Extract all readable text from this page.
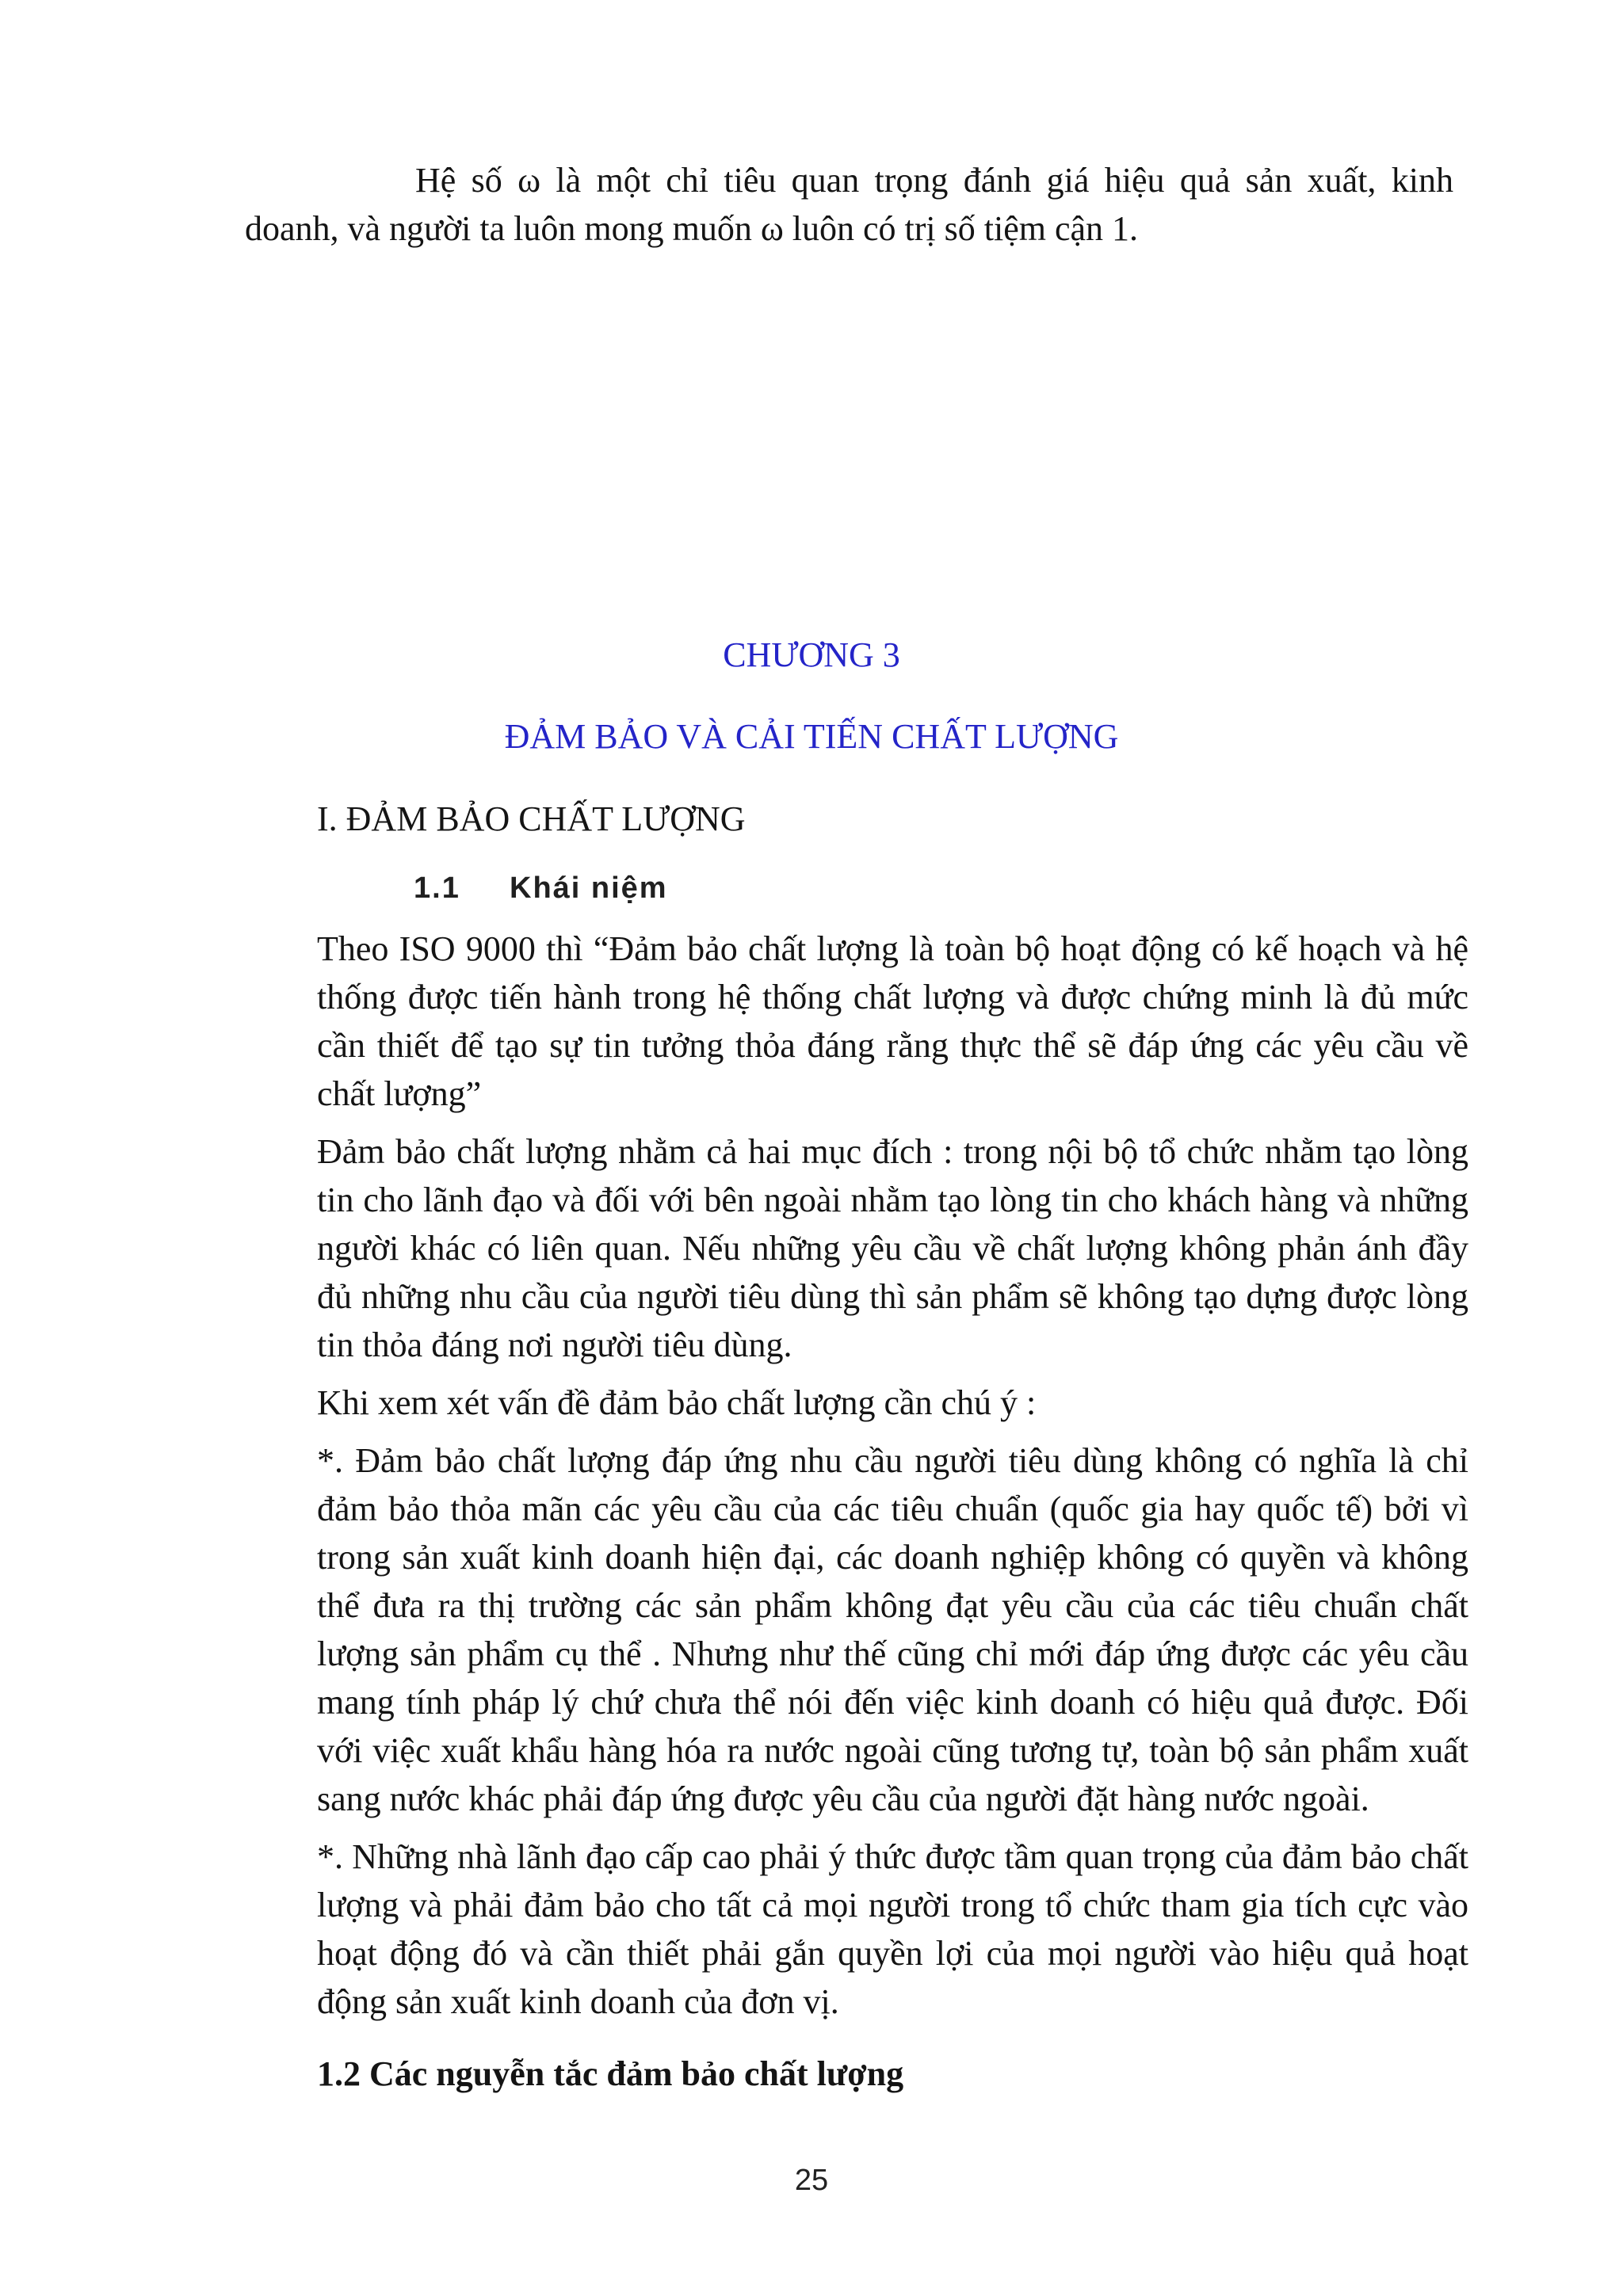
Hệ số ω là một chỉ tiêu quan trọng đánh giá hiệu quả sản xuất, kinh doanh, và người ta luôn mong muốn ω luôn có trị số tiệm cận 1.

CHƯƠNG 3
ĐẢM BẢO VÀ CẢI TIẾN CHẤT LƯỢNG
I. ĐẢM BẢO CHẤT LƯỢNG
1.1 Khái niệm

Theo ISO 9000 thì “Đảm bảo chất lượng là toàn bộ hoạt động có kế hoạch và hệ thống được tiến hành trong hệ thống chất lượng và được chứng minh là đủ mức cần thiết để tạo sự tin tưởng thỏa đáng rằng thực thể sẽ đáp ứng các yêu cầu về chất lượng”

Đảm bảo chất lượng nhằm cả hai mục đích : trong nội bộ tổ chức nhằm tạo lòng tin cho lãnh đạo và đối với bên ngoài nhằm tạo lòng tin cho khách hàng và những người khác có liên quan. Nếu những yêu cầu về chất lượng không phản ánh đầy đủ những nhu cầu của người tiêu dùng thì sản phẩm sẽ không tạo dựng được lòng tin thỏa đáng nơi người tiêu dùng.

Khi xem xét vấn đề đảm bảo chất lượng cần chú ý :

*. Đảm bảo chất lượng đáp ứng nhu cầu người tiêu dùng không có nghĩa là chỉ đảm bảo thỏa mãn các yêu cầu của các tiêu chuẩn (quốc gia hay quốc tế) bởi vì trong sản xuất kinh doanh hiện đại, các doanh nghiệp không có quyền và không thể đưa ra thị trường các sản phẩm không đạt yêu cầu của các tiêu chuẩn chất lượng sản phẩm cụ thể . Nhưng như thế cũng chỉ mới đáp ứng được các yêu cầu mang tính pháp lý chứ chưa thể nói đến việc kinh doanh có hiệu quả được. Đối với việc xuất khẩu hàng hóa ra nước ngoài cũng tương tự, toàn bộ sản phẩm xuất sang nước khác phải đáp ứng được yêu cầu của người đặt hàng nước ngoài.

*. Những nhà lãnh đạo cấp cao phải ý thức được tầm quan trọng của đảm bảo chất lượng và phải đảm bảo cho tất cả mọi người trong tổ chức tham gia tích cực vào hoạt động đó và cần thiết phải gắn quyền lợi của mọi người vào hiệu quả hoạt động sản xuất kinh doanh của đơn vị.

1.2 Các nguyễn tắc đảm bảo chất lượng
25
